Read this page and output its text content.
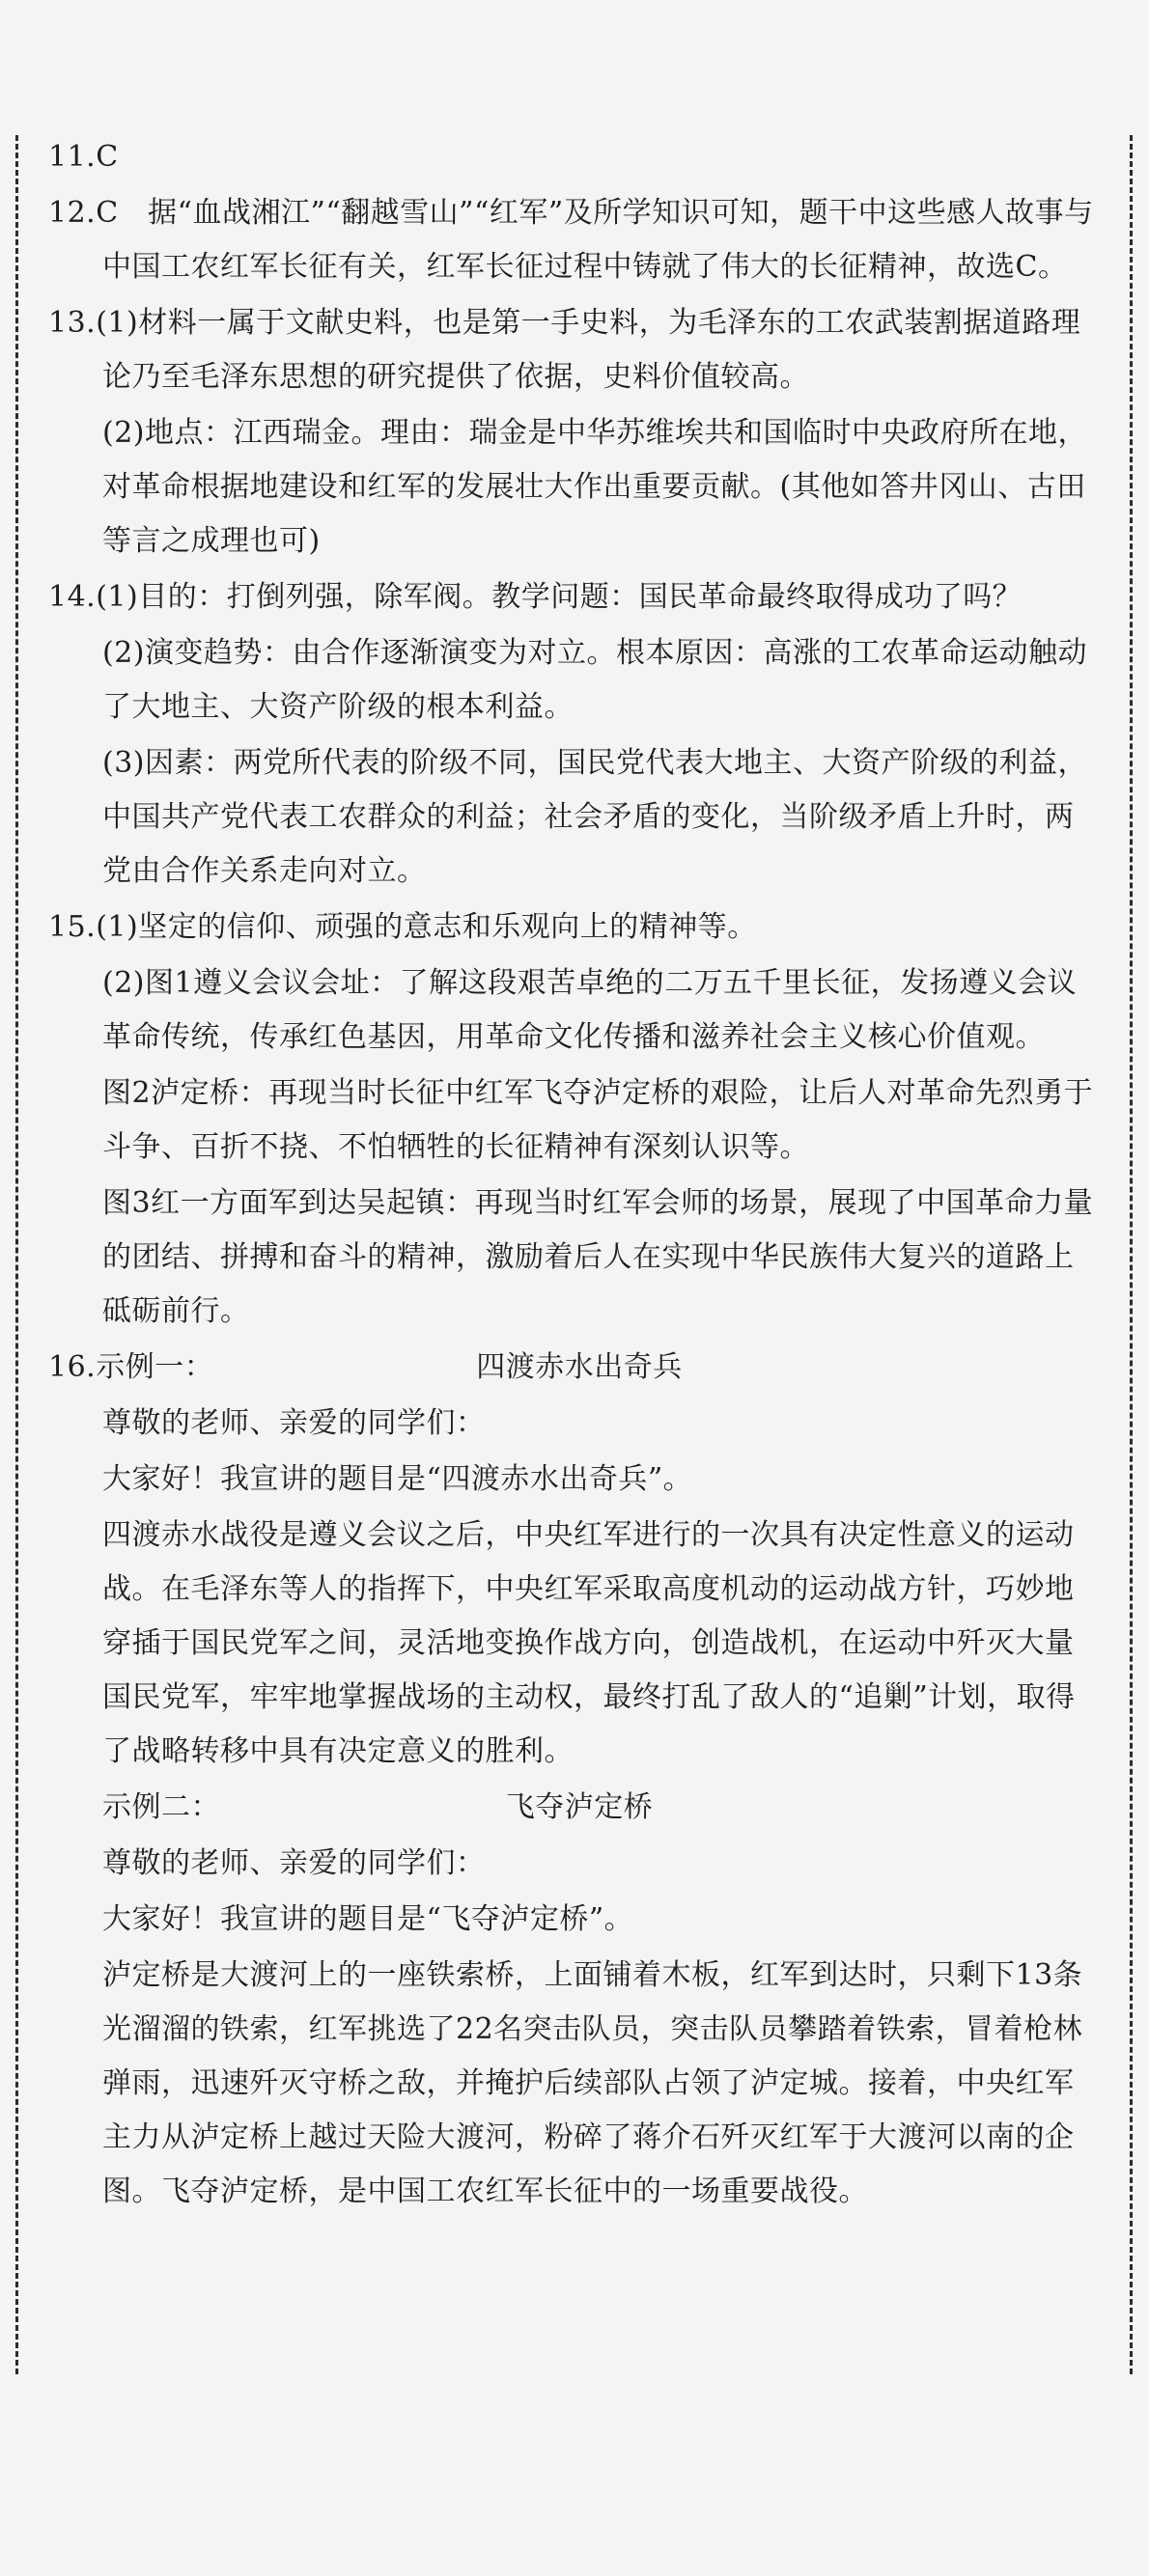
11.C
12.C　据“血战湘江”“翻越雪山”“红军”及所学知识可知，题干中这些感人故事与中国工农红军长征有关，红军长征过程中铸就了伟大的长征精神，故选C。
13.(1)材料一属于文献史料，也是第一手史料，为毛泽东的工农武装割据道路理论乃至毛泽东思想的研究提供了依据，史料价值较高。
(2)地点：江西瑞金。理由：瑞金是中华苏维埃共和国临时中央政府所在地，对革命根据地建设和红军的发展壮大作出重要贡献。(其他如答井冈山、古田等言之成理也可)
14.(1)目的：打倒列强，除军阀。教学问题：国民革命最终取得成功了吗？
(2)演变趋势：由合作逐渐演变为对立。根本原因：高涨的工农革命运动触动了大地主、大资产阶级的根本利益。
(3)因素：两党所代表的阶级不同，国民党代表大地主、大资产阶级的利益，中国共产党代表工农群众的利益；社会矛盾的变化，当阶级矛盾上升时，两党由合作关系走向对立。
15.(1)坚定的信仰、顽强的意志和乐观向上的精神等。
(2)图1遵义会议会址：了解这段艰苦卓绝的二万五千里长征，发扬遵义会议革命传统，传承红色基因，用革命文化传播和滋养社会主义核心价值观。
图2泸定桥：再现当时长征中红军飞夺泸定桥的艰险，让后人对革命先烈勇于斗争、百折不挠、不怕牺牲的长征精神有深刻认识等。
图3红一方面军到达吴起镇：再现当时红军会师的场景，展现了中国革命力量的团结、拼搏和奋斗的精神，激励着后人在实现中华民族伟大复兴的道路上砥砺前行。
16.示例一：	四渡赤水出奇兵
尊敬的老师、亲爱的同学们：
大家好！我宣讲的题目是“四渡赤水出奇兵”。
四渡赤水战役是遵义会议之后，中央红军进行的一次具有决定性意义的运动战。在毛泽东等人的指挥下，中央红军采取高度机动的运动战方针，巧妙地穿插于国民党军之间，灵活地变换作战方向，创造战机，在运动中歼灭大量国民党军，牢牢地掌握战场的主动权，最终打乱了敌人的“追剿”计划，取得了战略转移中具有决定意义的胜利。
示例二：	飞夺泸定桥
尊敬的老师、亲爱的同学们：
大家好！我宣讲的题目是“飞夺泸定桥”。
泸定桥是大渡河上的一座铁索桥，上面铺着木板，红军到达时，只剩下13条光溜溜的铁索，红军挑选了22名突击队员，突击队员攀踏着铁索，冒着枪林弹雨，迅速歼灭守桥之敌，并掩护后续部队占领了泸定城。接着，中央红军主力从泸定桥上越过天险大渡河，粉碎了蒋介石歼灭红军于大渡河以南的企图。飞夺泸定桥，是中国工农红军长征中的一场重要战役。
